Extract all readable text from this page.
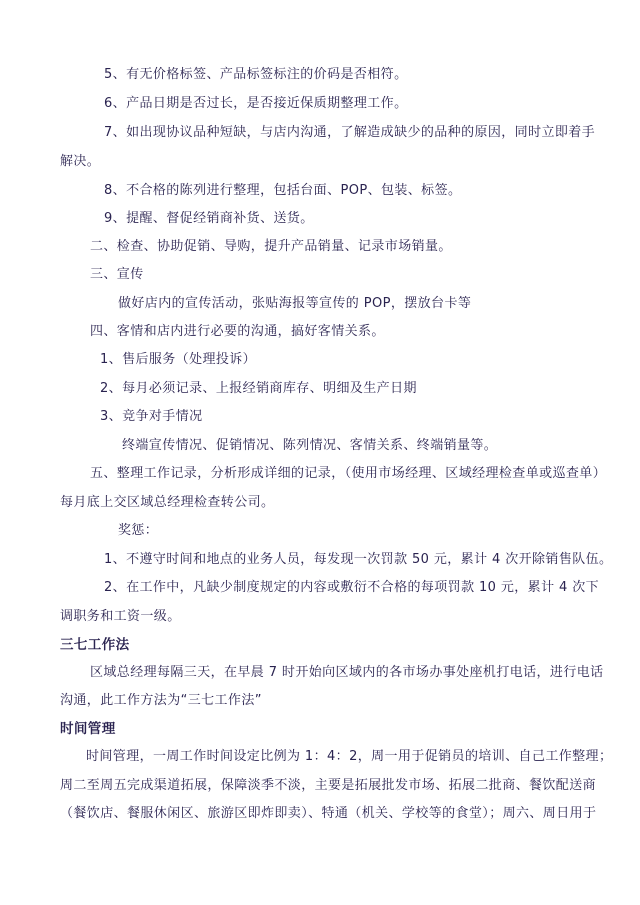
5、有无价格标签、产品标签标注的价码是否相符。
6、产品日期是否过长，是否接近保质期整理工作。
7、如出现协议品种短缺，与店内沟通，了解造成缺少的品种的原因，同时立即着手
解决。
8、不合格的陈列进行整理，包括台面、POP、包装、标签。
9、提醒、督促经销商补货、送货。
二、检查、协助促销、导购，提升产品销量、记录市场销量。
三、宣传
做好店内的宣传活动，张贴海报等宣传的 POP，摆放台卡等
四、客情和店内进行必要的沟通，搞好客情关系。
1、售后服务（处理投诉）
2、每月必须记录、上报经销商库存、明细及生产日期
3、竞争对手情况
终端宣传情况、促销情况、陈列情况、客情关系、终端销量等。
五、整理工作记录，分析形成详细的记录，（使用市场经理、区域经理检查单或巡查单）
每月底上交区域总经理检查转公司。
奖惩：
1、不遵守时间和地点的业务人员，每发现一次罚款 50 元，累计 4 次开除销售队伍。
2、在工作中，凡缺少制度规定的内容或敷衍不合格的每项罚款 10 元，累计 4 次下
调职务和工资一级。
三七工作法
区域总经理每隔三天，在早晨 7 时开始向区域内的各市场办事处座机打电话，进行电话
沟通，此工作方法为“三七工作法”
时间管理
时间管理，一周工作时间设定比例为 1：4：2，周一用于促销员的培训、自己工作整理；
周二至周五完成渠道拓展，保障淡季不淡，主要是拓展批发市场、拓展二批商、餐饮配送商
（餐饮店、餐服休闲区、旅游区即炸即卖）、特通（机关、学校等的食堂）；周六、周日用于
